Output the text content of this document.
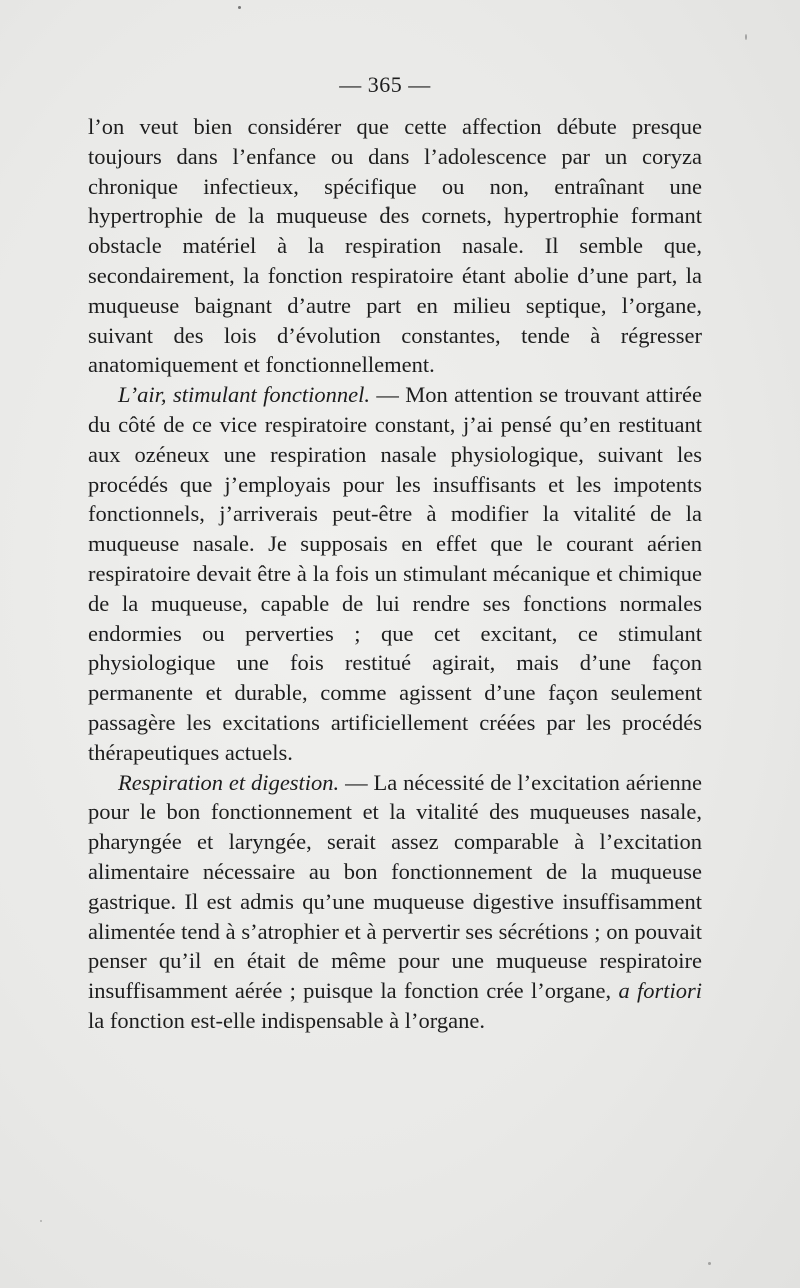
— 365 —

l’on veut bien considérer que cette affection débute presque toujours dans l’enfance ou dans l’adolescence par un coryza chronique infectieux, spécifique ou non, entraînant une hypertrophie de la muqueuse des cornets, hypertrophie formant obstacle matériel à la respiration nasale. Il semble que, secondairement, la fonction respiratoire étant abolie d’une part, la muqueuse baignant d’autre part en milieu septique, l’organe, suivant des lois d’évolution constantes, tende à régresser anatomiquement et fonctionnellement.

L’air, stimulant fonctionnel. — Mon attention se trouvant attirée du côté de ce vice respiratoire constant, j’ai pensé qu’en restituant aux ozéneux une respiration nasale physiologique, suivant les procédés que j’employais pour les insuffisants et les impotents fonctionnels, j’arriverais peut-être à modifier la vitalité de la muqueuse nasale. Je supposais en effet que le courant aérien respiratoire devait être à la fois un stimulant mécanique et chimique de la muqueuse, capable de lui rendre ses fonctions normales endormies ou perverties ; que cet excitant, ce stimulant physiologique une fois restitué agirait, mais d’une façon permanente et durable, comme agissent d’une façon seulement passagère les excitations artificiellement créées par les procédés thérapeutiques actuels.

Respiration et digestion. — La nécessité de l’excitation aérienne pour le bon fonctionnement et la vitalité des muqueuses nasale, pharyngée et laryngée, serait assez comparable à l’excitation alimentaire nécessaire au bon fonctionnement de la muqueuse gastrique. Il est admis qu’une muqueuse digestive insuffisamment alimentée tend à s’atrophier et à pervertir ses sécrétions ; on pouvait penser qu’il en était de même pour une muqueuse respiratoire insuffisamment aérée ; puisque la fonction crée l’organe, a fortiori la fonction est-elle indispensable à l’organe.
